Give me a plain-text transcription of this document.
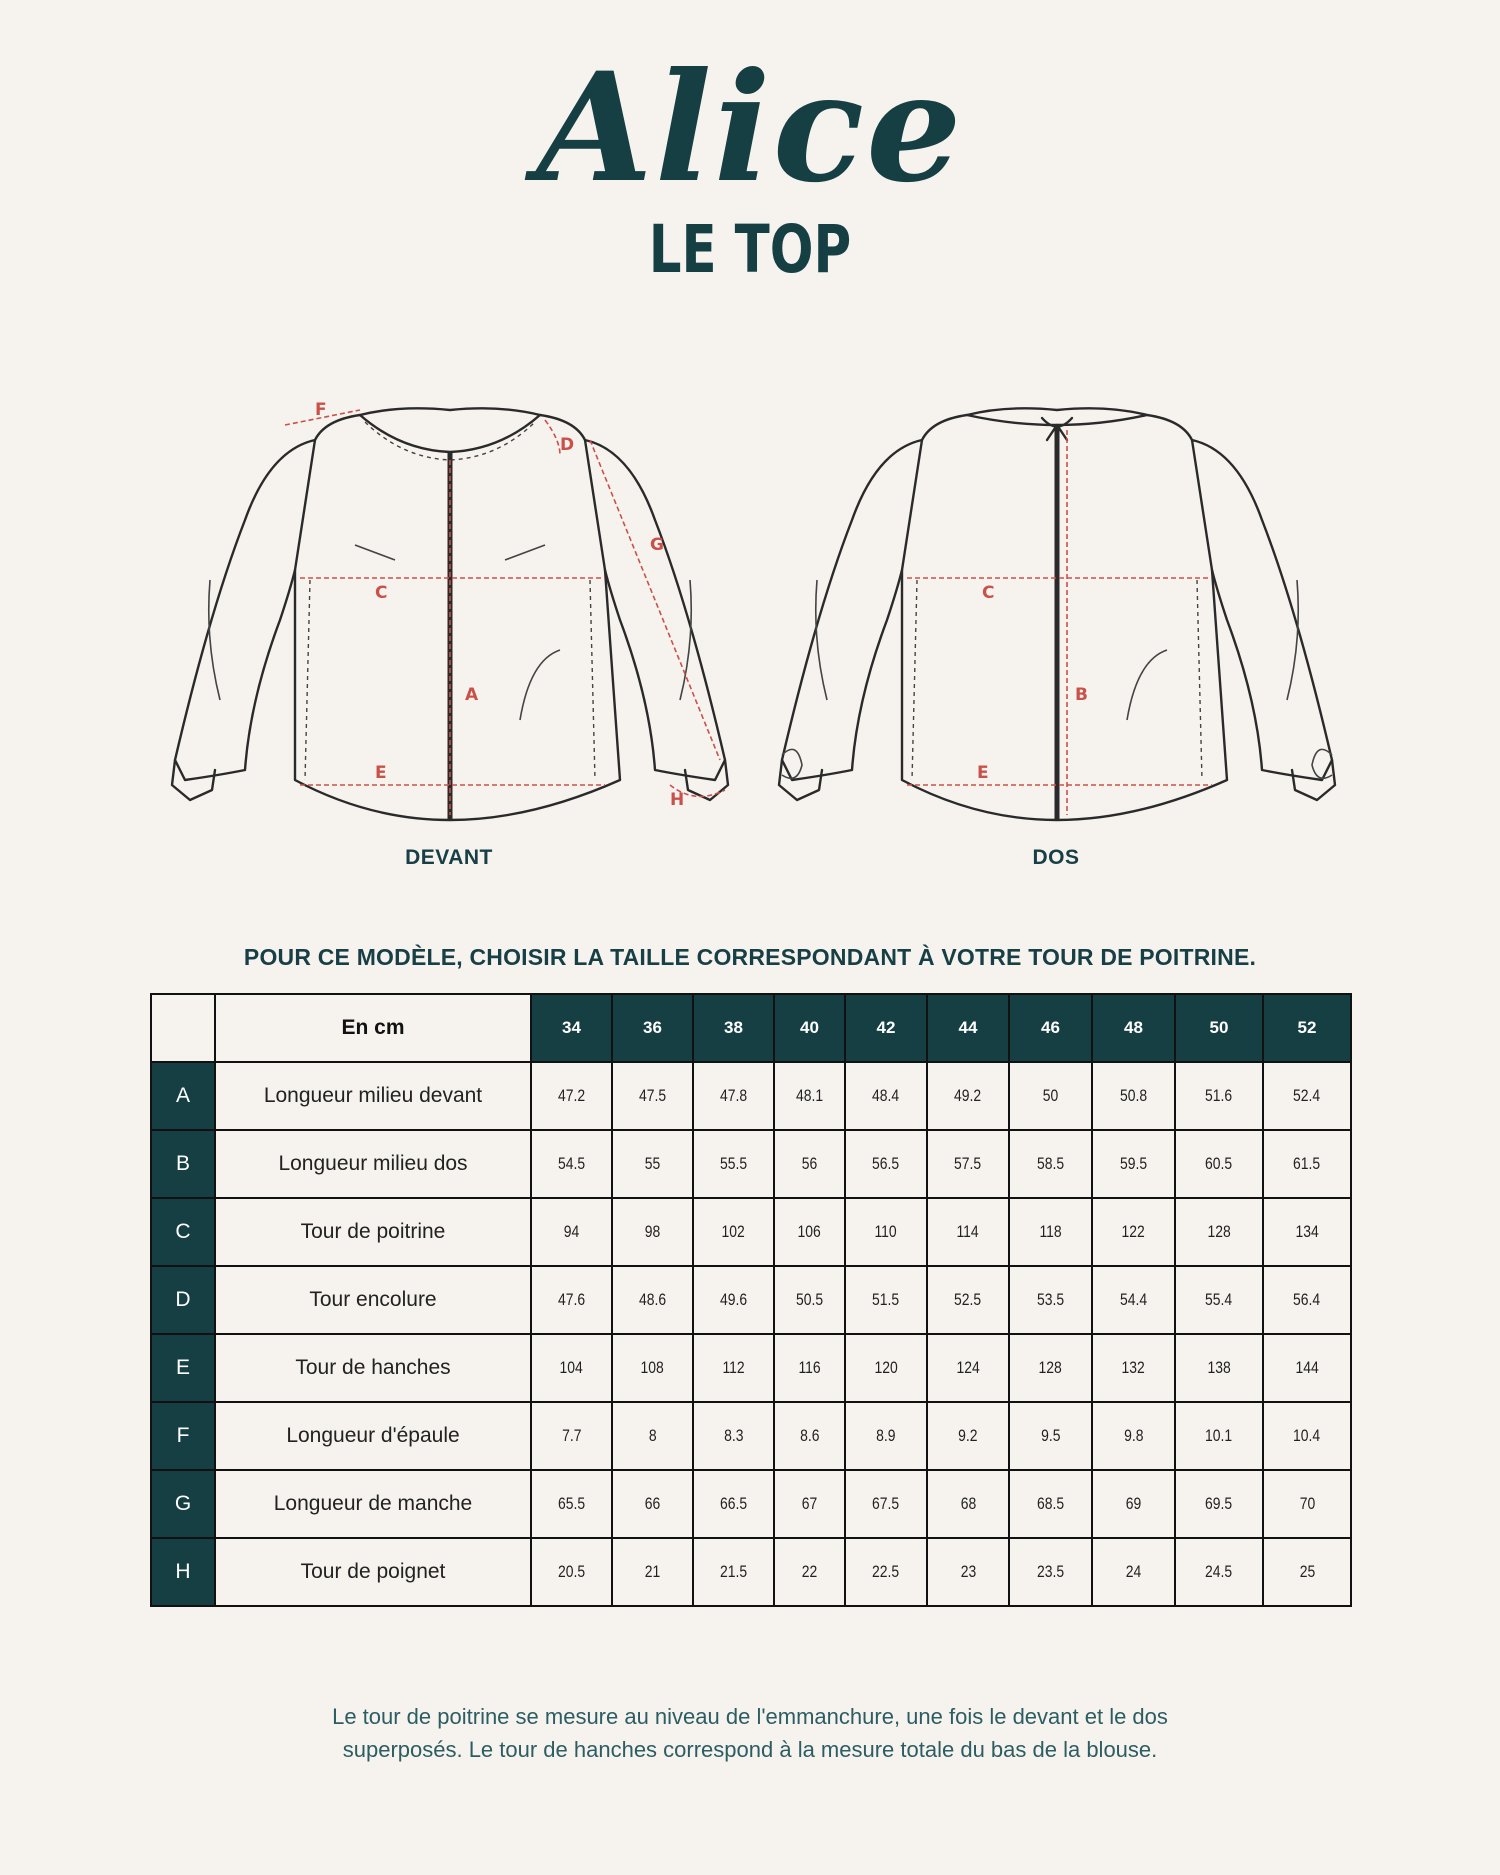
Alice
LE TOP
F
D
G
C
A
E
H
DEVANT
C
B
E
DOS
POUR CE MODÈLE, CHOISIR LA TAILLE CORRESPONDANT À VOTRE TOUR DE POITRINE.
	En cm	34	36	38	40	42	44	46	48	50	52
A	Longueur milieu devant	47.2	47.5	47.8	48.1	48.4	49.2	50	50.8	51.6	52.4
B	Longueur milieu dos	54.5	55	55.5	56	56.5	57.5	58.5	59.5	60.5	61.5
C	Tour de poitrine	94	98	102	106	110	114	118	122	128	134
D	Tour encolure	47.6	48.6	49.6	50.5	51.5	52.5	53.5	54.4	55.4	56.4
E	Tour de hanches	104	108	112	116	120	124	128	132	138	144
F	Longueur d'épaule	7.7	8	8.3	8.6	8.9	9.2	9.5	9.8	10.1	10.4
G	Longueur de manche	65.5	66	66.5	67	67.5	68	68.5	69	69.5	70
H	Tour de poignet	20.5	21	21.5	22	22.5	23	23.5	24	24.5	25
Le tour de poitrine se mesure au niveau de l'emmanchure, une fois le devant et le dos superposés. Le tour de hanches correspond à la mesure totale du bas de la blouse.
